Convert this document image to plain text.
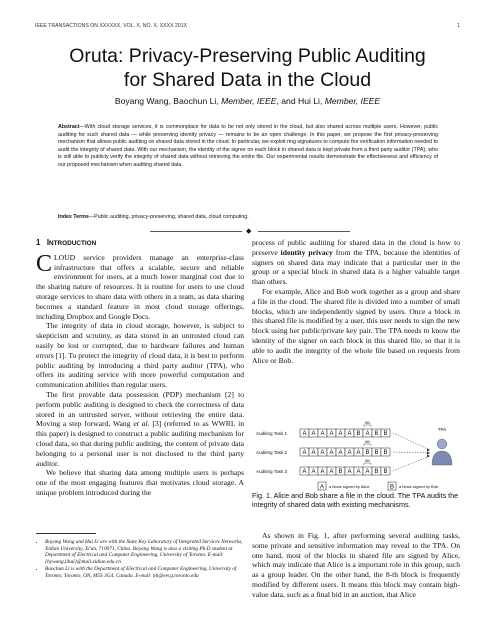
IEEE TRANSACTIONS ON XXXXXX, VOL. X, NO. X, XXXX 201X	1
Oruta: Privacy-Preserving Public Auditing
for Shared Data in the Cloud
Boyang Wang, Baochun Li, Member, IEEE, and Hui Li, Member, IEEE
Abstract—With cloud storage services, it is commonplace for data to be not only stored in the cloud, but also shared across multiple users. However, public auditing for such shared data — while preserving identity privacy — remains to be an open challenge. In this paper, we propose the first privacy-preserving mechanism that allows public auditing on shared data stored in the cloud. In particular, we exploit ring signatures to compute the verification information needed to audit the integrity of shared data. With our mechanism, the identity of the signer on each block in shared data is kept private from a third party auditor (TPA), who is still able to publicly verify the integrity of shared data without retrieving the entire file. Our experimental results demonstrate the effectiveness and efficiency of our proposed mechanism when auditing shared data.
Index Terms—Public auditing, privacy-preserving, shared data, cloud computing.
◆
1 INTRODUCTION

CLOUD service providers manage an enterprise-class infrastructure that offers a scalable, secure and reliable environment for users, at a much lower marginal cost due to the sharing nature of resources. It is routine for users to use cloud storage services to share data with others in a team, as data sharing becomes a standard feature in most cloud storage offerings, including Dropbox and Google Docs.

The integrity of data in cloud storage, however, is subject to skepticism and scrutiny, as data stored in an untrusted cloud can easily be lost or corrupted, due to hardware failures and human errors [1]. To protect the integrity of cloud data, it is best to perform public auditing by introducing a third party auditor (TPA), who offers its auditing service with more powerful computation and communication abilities than regular users.

The first provable data possession (PDP) mechanism [2] to perform public auditing is designed to check the correctness of data stored in an untrusted server, without retrieving the entire data. Moving a step forward, Wang et al. [3] (referred to as WWRL in this paper) is designed to construct a public auditing mechanism for cloud data, so that during public auditing, the content of private data belonging to a personal user is not disclosed to the third party auditor.

We believe that sharing data among multiple users is perhaps one of the most engaging features that motivates cloud storage. A unique problem introduced during the

• Boyang Wang and Hui Li are with the State Key Laboratory of Integrated Services Networks, Xidian University, Xi'an, 710071, China. Boyang Wang is also a visiting Ph.D student at Department of Electrical and Computer Engineering, University of Toronto. E-mail: {bywang,lihui}@mail.xidian.edu.cn
• Baochun Li is with the Department of Electrical and Computer Engineering, University of Toronto, Toronto, ON, M5S 3G4, Canada. E-mail: bli@eecg.toronto.edu

process of public auditing for shared data in the cloud is how to preserve identity privacy from the TPA, because the identities of signers on shared data may indicate that a particular user in the group or a special block in shared data is a higher valuable target than others.

For example, Alice and Bob work together as a group and share a file in the cloud. The shared file is divided into a number of small blocks, which are independently signed by users. Once a block in this shared file is modified by a user, this user needs to sign the new block using her public/private key pair. The TPA needs to know the identity of the signer on each block in this shared file, so that it is able to audit the integrity of the whole file based on requests from Alice or Bob.

Auditing Task 1	A A A A A A B A B B
8th
Auditing Task 2	A A A A A A A B B B
8th
Auditing Task 3	A A A A B A A A B B
8th
TPA
A a block signed by Alice	B a block signed by Bob
Fig. 1. Alice and Bob share a file in the cloud. The TPA audits the integrity of shared data with existing mechanisms.

As shown in Fig. 1, after performing several auditing tasks, some private and sensitive information may reveal to the TPA. On one hand, most of the blocks in shared file are signed by Alice, which may indicate that Alice is a important role in this group, such as a group leader. On the other hand, the 8-th block is frequently modified by different users. It means this block may contain high-value data, such as a final bid in an auction, that Alice
